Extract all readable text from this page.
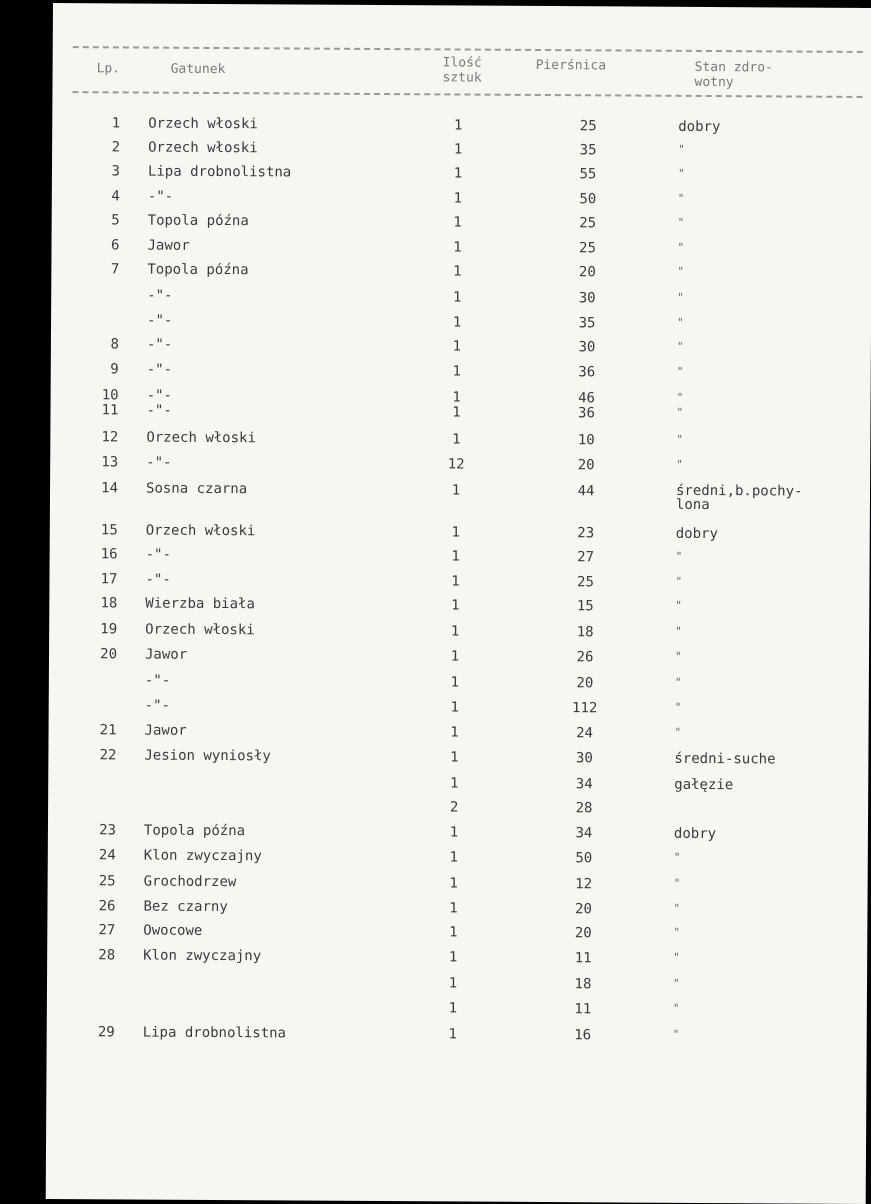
Lp.	Gatunek	Ilość
sztuk
Pierśnica	Stan zdro-
wotny
1 Orzech włoski	1	25	dobry
2 Orzech włoski	1	35	"
3 Lipa drobnolistna	1	55	"
4 -"-	1	50	"
5 Topola późna	1	25	"
6 Jawor	1	25	"
7 Topola późna	1	20	"
-"-	1	30	"
-"-	1	35	"
8 -"-	1	30	"
9 -"-	1	36	"
10 -"-	1	46	"
11 -"-	1	36	"
12 Orzech włoski	1	10	"
13 -"-	12	20	"
14 Sosna czarna	1	44	średni,b.pochy-
lona
15 Orzech włoski	1	23	dobry
16 -"-	1	27	"
17 -"-	1	25	"
18 Wierzba biała	1	15	"
19 Orzech włoski	1	18	"
20 Jawor	1	26	"
-"-	1	20	"
-"-	1	112	"
21 Jawor	1	24	"
22 Jesion wyniosły	1	30	średni-suche
1	34	gałęzie
2	28
23 Topola późna	1	34	dobry
24 Klon zwyczajny	1	50	"
25 Grochodrzew	1	12	"
26 Bez czarny	1	20	"
27 Owocowe	1	20	"
28 Klon zwyczajny	1	11	"
1	18	"
1	11	"
29 Lipa drobnolistna	1	16	"
